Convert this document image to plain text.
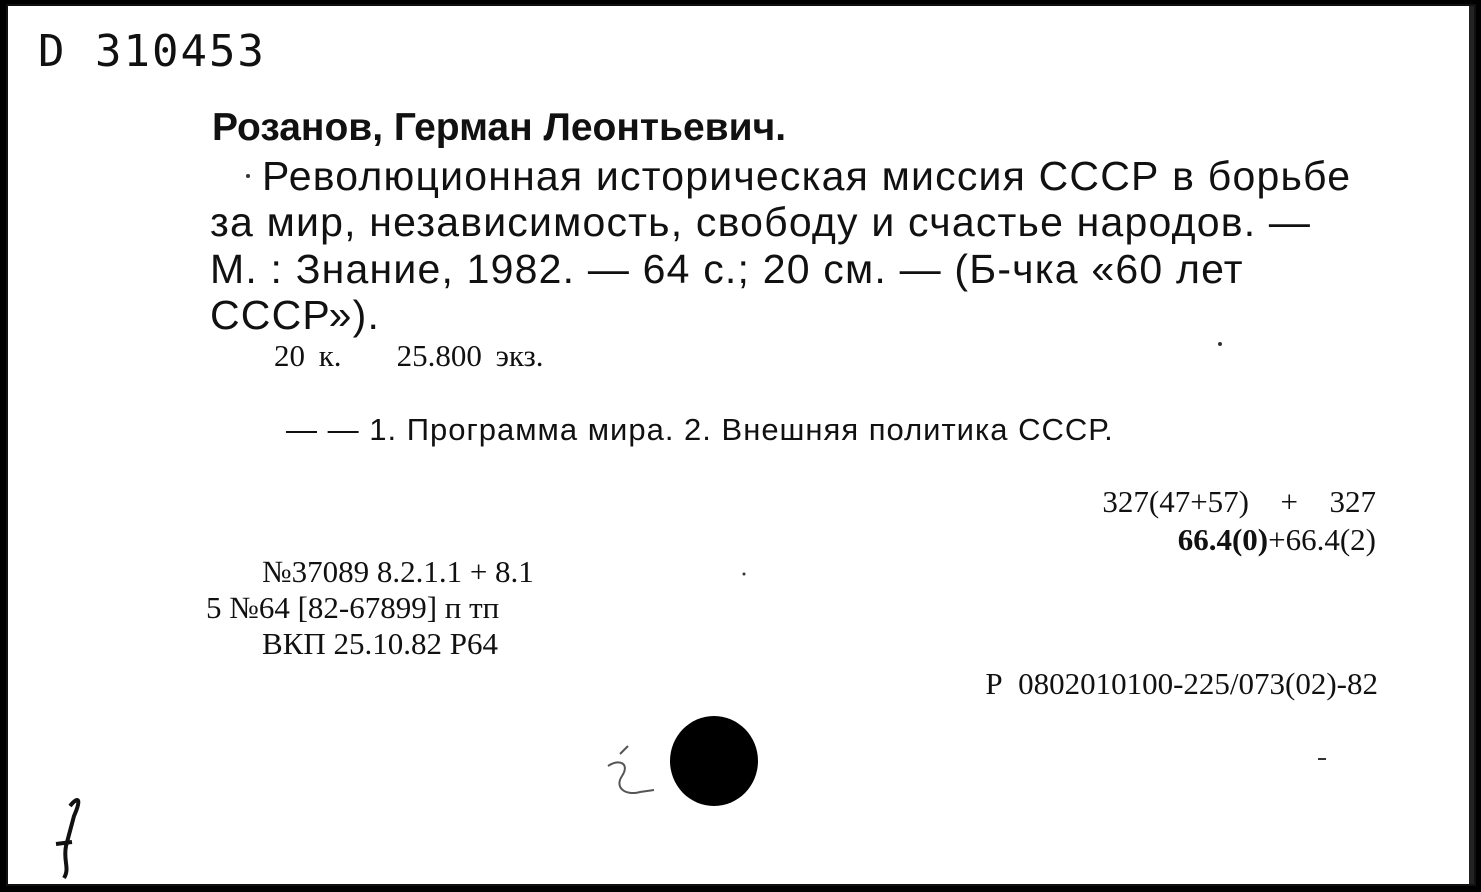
D 310453
Розанов, Герман Леонтьевич.
Революционная историческая миссия СССР в борьбе
за мир, независимость, свободу и счастье народов. —
М. : Знание, 1982. — 64 с.; 20 см. — (Б-чка «60 лет
СССР»).
20 к. 25.800 экз.
— — 1. Программа мира. 2. Внешняя политика СССР.
327(47+57)  +  327
66.4(0)+66.4(2)
№37089 8.2.1.1 + 8.1
5 №64 [82-67899] п тп
ВКП 25.10.82 Р64
Р  0802010100-225/073(02)-82
